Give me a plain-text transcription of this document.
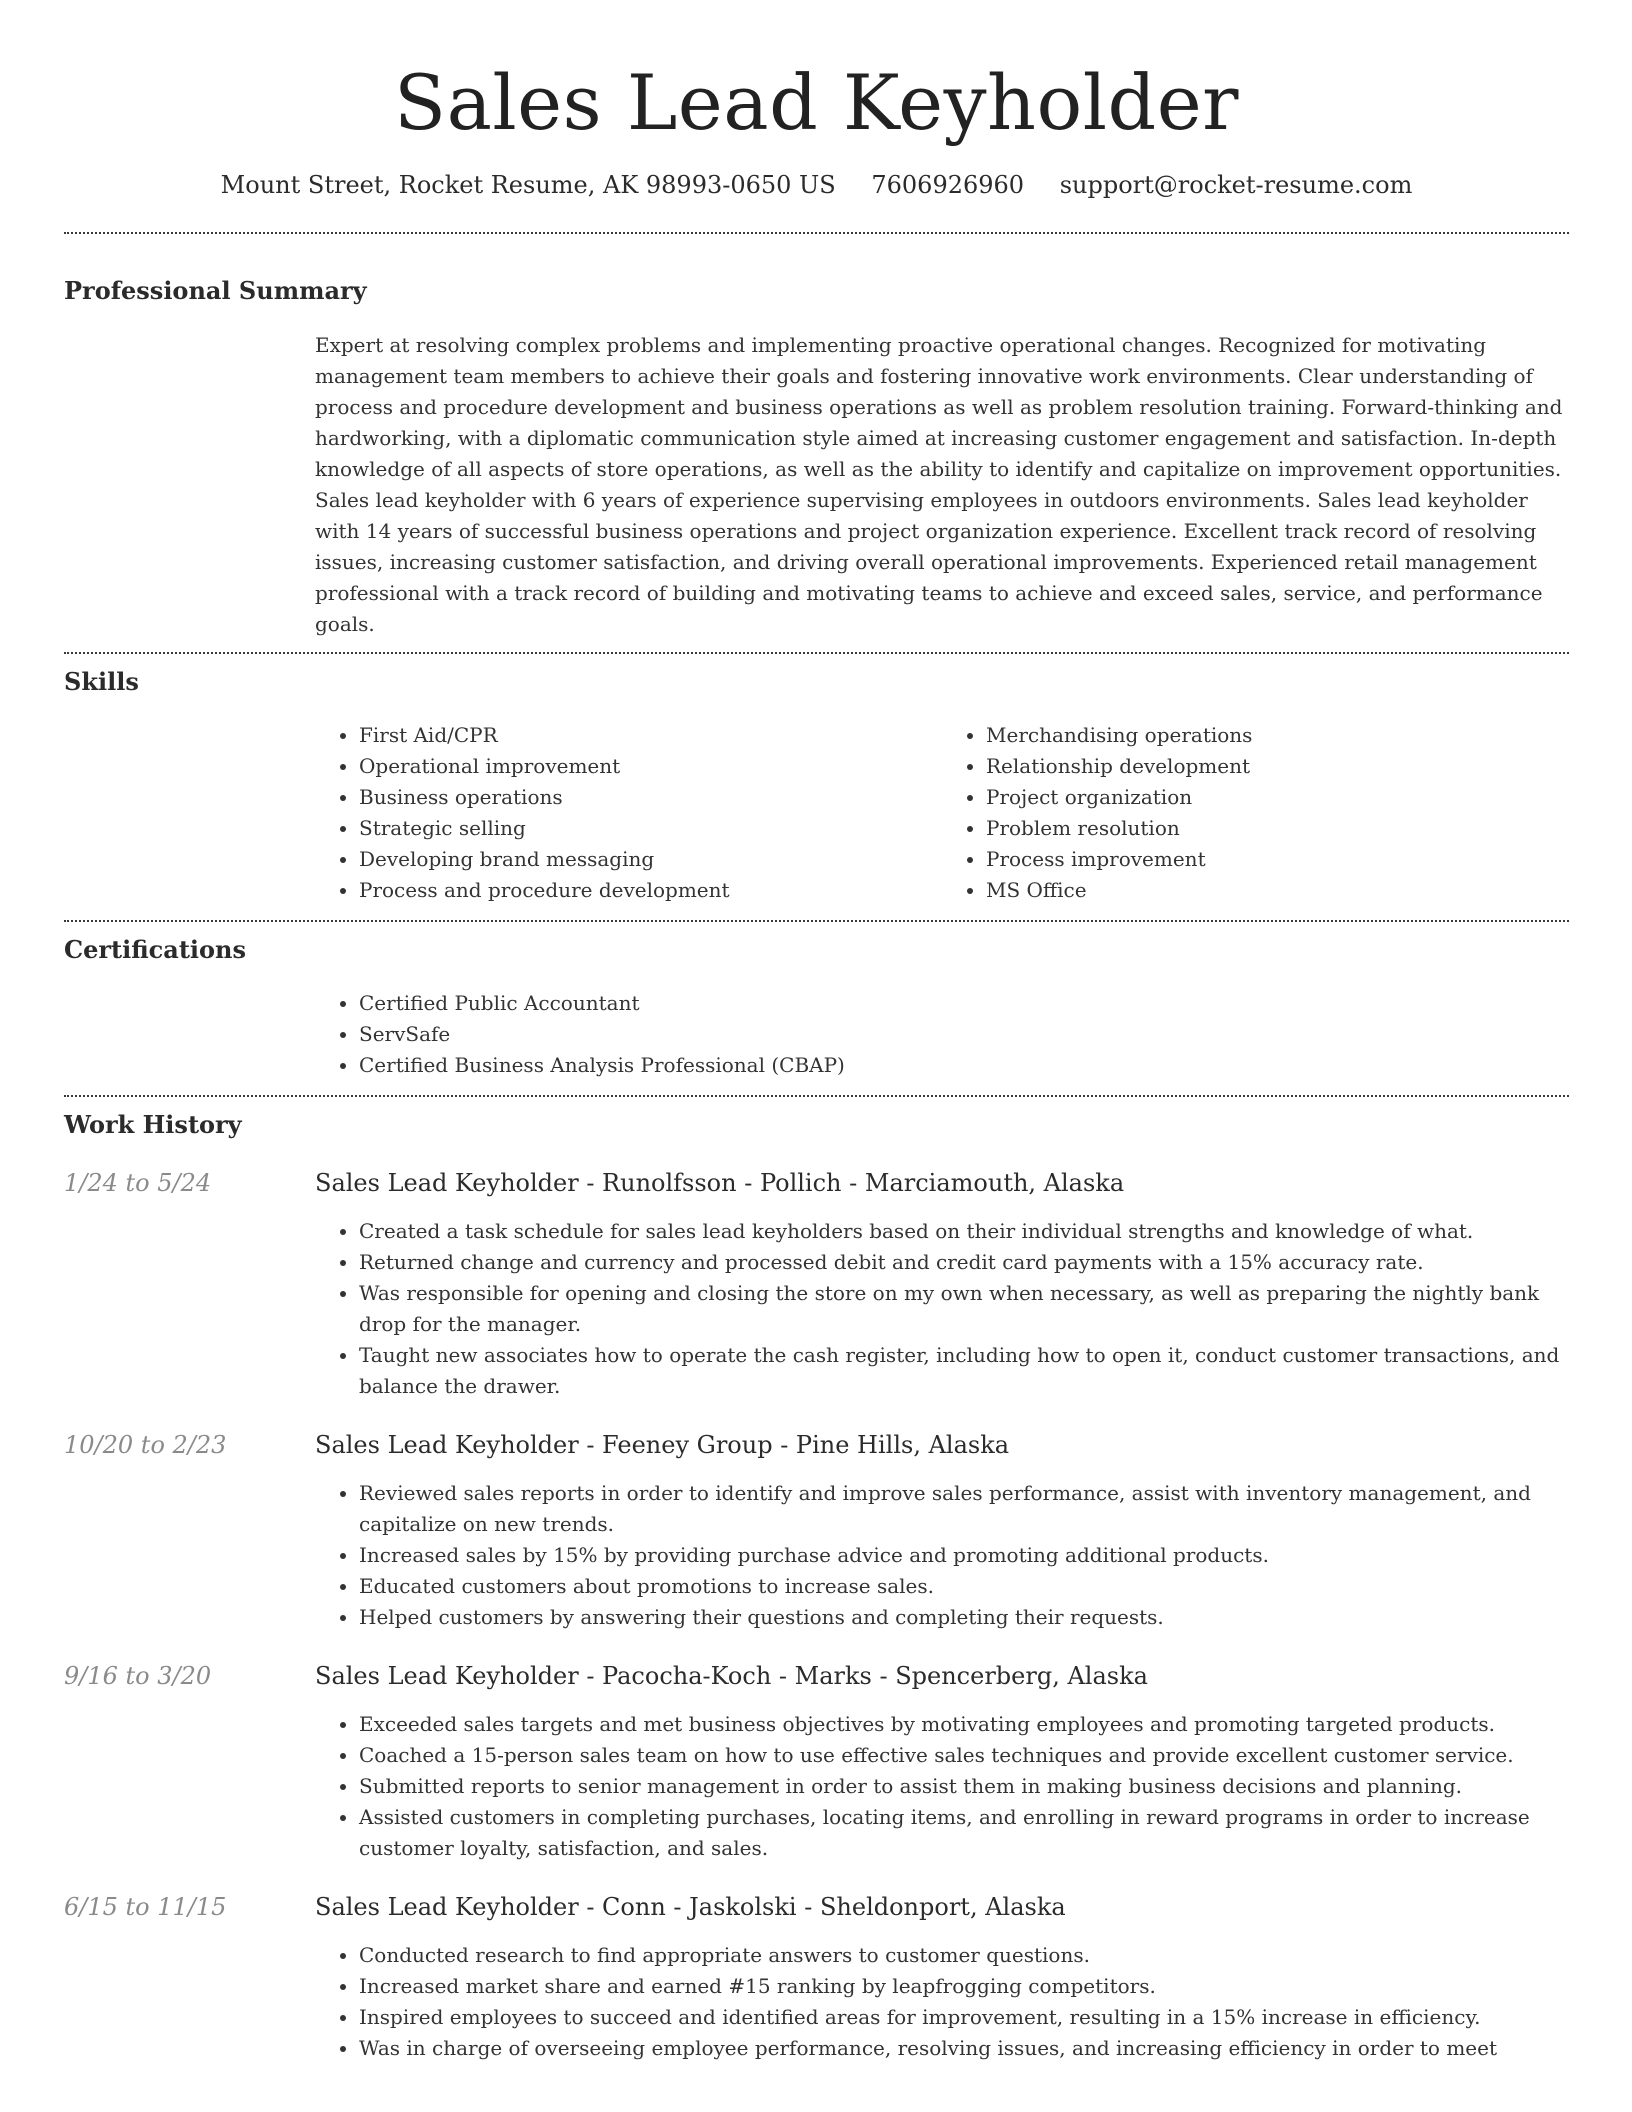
Sales Lead Keyholder
Mount Street, Rocket Resume, AK 98993-0650 US 7606926960 support@rocket-resume.com
Professional Summary
Expert at resolving complex problems and implementing proactive operational changes. Recognized for motivating management team members to achieve their goals and fostering innovative work environments. Clear understanding of process and procedure development and business operations as well as problem resolution training. Forward-thinking and hardworking, with a diplomatic communication style aimed at increasing customer engagement and satisfaction. In-depth knowledge of all aspects of store operations, as well as the ability to identify and capitalize on improvement opportunities. Sales lead keyholder with 6 years of experience supervising employees in outdoors environments. Sales lead keyholder with 14 years of successful business operations and project organization experience. Excellent track record of resolving issues, increasing customer satisfaction, and driving overall operational improvements. Experienced retail management professional with a track record of building and motivating teams to achieve and exceed sales, service, and performance goals.
Skills
• First Aid/CPR
• Operational improvement
• Business operations
• Strategic selling
• Developing brand messaging
• Process and procedure development
• Merchandising operations
• Relationship development
• Project organization
• Problem resolution
• Process improvement
• MS Office
Certifications
• Certified Public Accountant
• ServSafe
• Certified Business Analysis Professional (CBAP)
Work History
1/24 to 5/24	Sales Lead Keyholder - Runolfsson - Pollich - Marciamouth, Alaska
• Created a task schedule for sales lead keyholders based on their individual strengths and knowledge of what.
• Returned change and currency and processed debit and credit card payments with a 15% accuracy rate.
• Was responsible for opening and closing the store on my own when necessary, as well as preparing the nightly bank drop for the manager.
• Taught new associates how to operate the cash register, including how to open it, conduct customer transactions, and balance the drawer.
10/20 to 2/23	Sales Lead Keyholder - Feeney Group - Pine Hills, Alaska
• Reviewed sales reports in order to identify and improve sales performance, assist with inventory management, and capitalize on new trends.
• Increased sales by 15% by providing purchase advice and promoting additional products.
• Educated customers about promotions to increase sales.
• Helped customers by answering their questions and completing their requests.
9/16 to 3/20	Sales Lead Keyholder - Pacocha-Koch - Marks - Spencerberg, Alaska
• Exceeded sales targets and met business objectives by motivating employees and promoting targeted products.
• Coached a 15-person sales team on how to use effective sales techniques and provide excellent customer service.
• Submitted reports to senior management in order to assist them in making business decisions and planning.
• Assisted customers in completing purchases, locating items, and enrolling in reward programs in order to increase customer loyalty, satisfaction, and sales.
6/15 to 11/15	Sales Lead Keyholder - Conn - Jaskolski - Sheldonport, Alaska
• Conducted research to find appropriate answers to customer questions.
• Increased market share and earned #15 ranking by leapfrogging competitors.
• Inspired employees to succeed and identified areas for improvement, resulting in a 15% increase in efficiency.
• Was in charge of overseeing employee performance, resolving issues, and increasing efficiency in order to meet
